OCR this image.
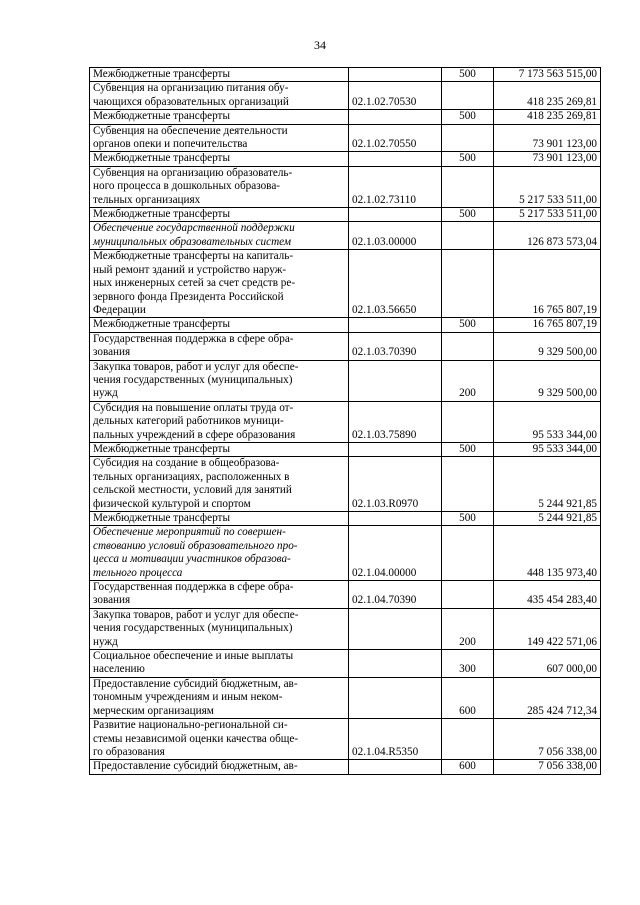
34
Межбюджетные трансферты		500	7 173 563 515,00

Субвенция на организацию питания обу-
чающихся образовательных организаций	02.1.02.70530		418 235 269,81

Межбюджетные трансферты		500	418 235 269,81

Субвенция на обеспечение деятельности
органов опеки и попечительства	02.1.02.70550		73 901 123,00

Межбюджетные трансферты		500	73 901 123,00

Субвенция на организацию образователь-
ного процесса в дошкольных образова-
тельных организациях	02.1.02.73110		5 217 533 511,00

Межбюджетные трансферты		500	5 217 533 511,00

Обеспечение государственной поддержки
муниципальных образовательных систем	02.1.03.00000		126 873 573,04

Межбюджетные трансферты на капиталь-
ный ремонт зданий и устройство наруж-
ных инженерных сетей за счет средств ре-
зервного фонда Президента Российской
Федерации	02.1.03.56650		16 765 807,19

Межбюджетные трансферты		500	16 765 807,19

Государственная поддержка в сфере обра-
зования	02.1.03.70390		9 329 500,00

Закупка товаров, работ и услуг для обеспе-
чения государственных (муниципальных)
нужд		200	9 329 500,00

Субсидия на повышение оплаты труда от-
дельных категорий работников муници-
пальных учреждений в сфере образования	02.1.03.75890		95 533 344,00

Межбюджетные трансферты		500	95 533 344,00

Субсидия на создание в общеобразова-
тельных организациях, расположенных в
сельской местности, условий для занятий
физической культурой и спортом	02.1.03.R0970		5 244 921,85

Межбюджетные трансферты		500	5 244 921,85

Обеспечение мероприятий по совершен-
ствованию условий образовательного про-
цесса и мотивации участников образова-
тельного процесса	02.1.04.00000		448 135 973,40

Государственная поддержка в сфере обра-
зования	02.1.04.70390		435 454 283,40

Закупка товаров, работ и услуг для обеспе-
чения государственных (муниципальных)
нужд		200	149 422 571,06

Социальное обеспечение и иные выплаты
населению		300	607 000,00

Предоставление субсидий бюджетным, ав-
тономным учреждениям и иным неком-
мерческим организациям		600	285 424 712,34

Развитие национально-региональной си-
стемы независимой оценки качества обще-
го образования	02.1.04.R5350		7 056 338,00

Предоставление субсидий бюджетным, ав-		600	7 056 338,00
